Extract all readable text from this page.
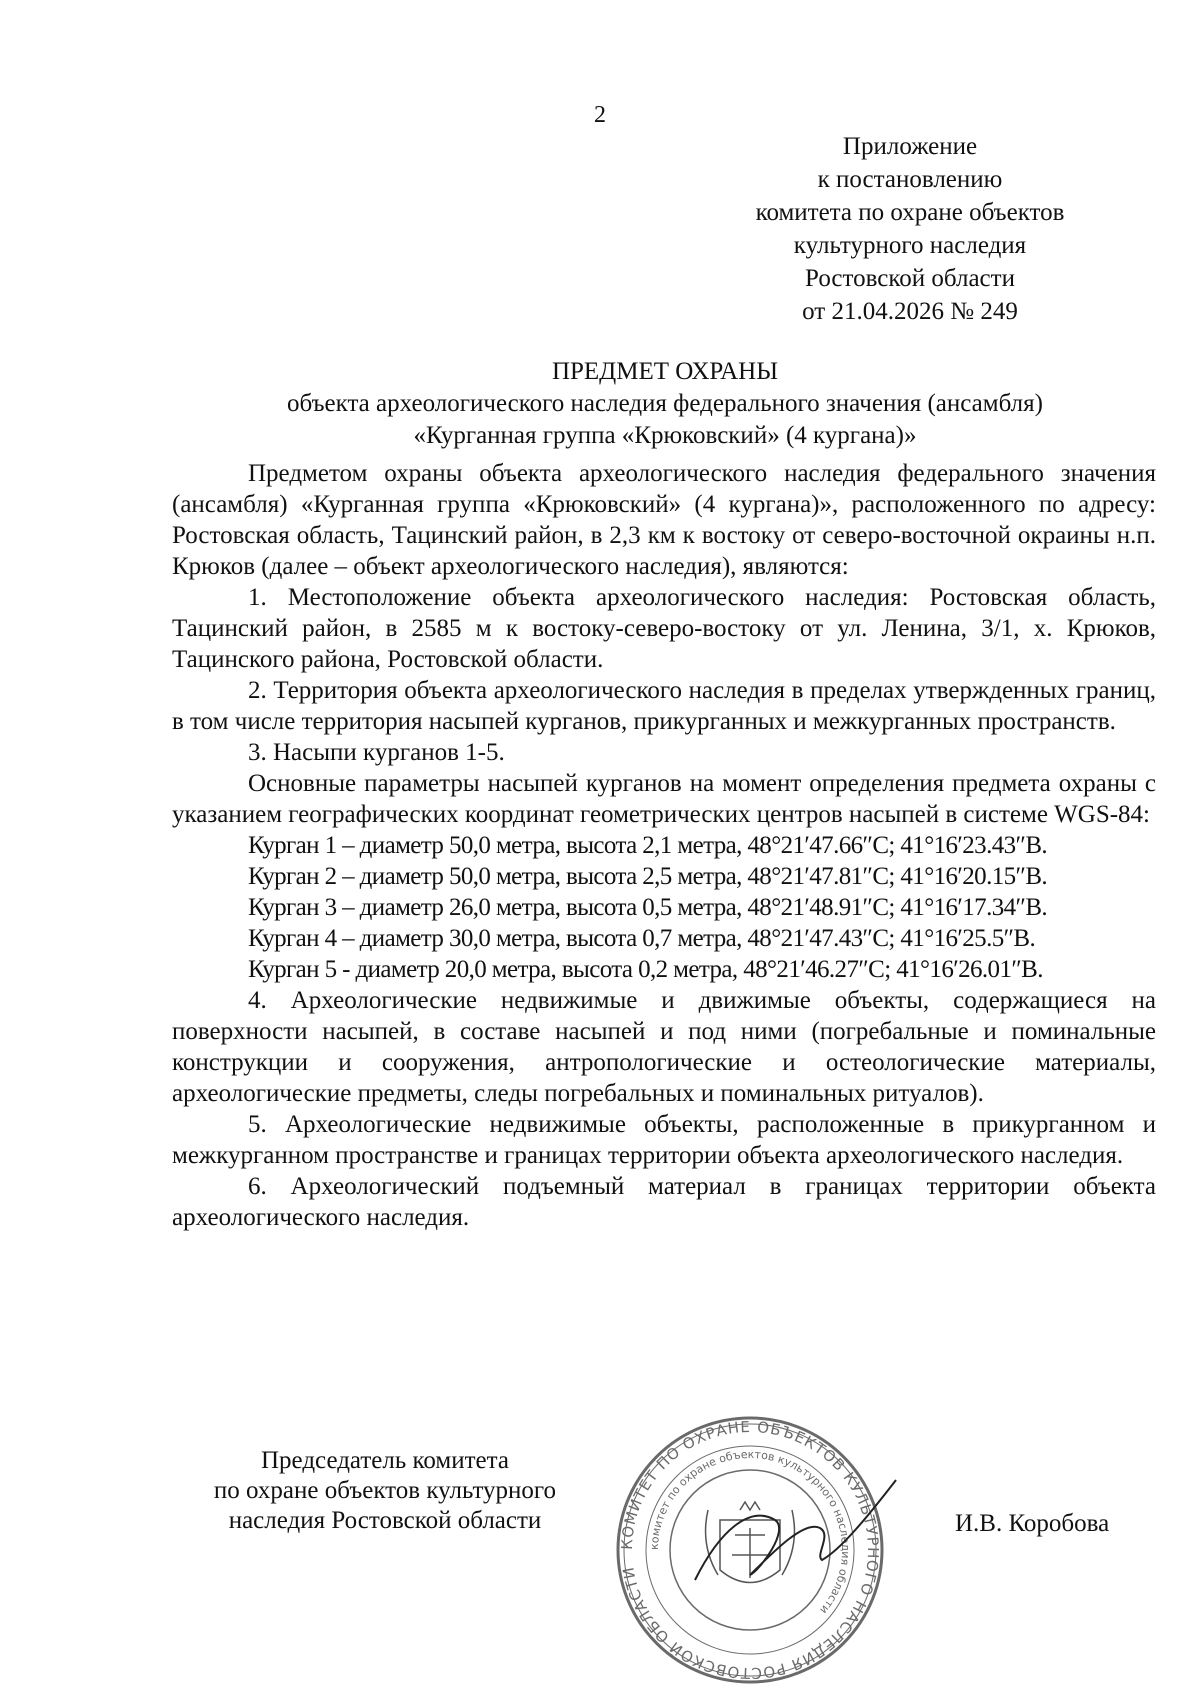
2
Приложение
к постановлению
комитета по охране объектов
культурного наследия
Ростовской области
от 21.04.2026 № 249
ПРЕДМЕТ ОХРАНЫ
объекта археологического наследия федерального значения (ансамбля)
«Курганная группа «Крюковский» (4 кургана)»

Предметом охраны объекта археологического наследия федерального значения (ансамбля) «Курганная группа «Крюковский» (4 кургана)», расположенного по адресу: Ростовская область, Тацинский район, в 2,3 км к востоку от северо-восточной окраины н.п. Крюков (далее – объект археологического наследия), являются:

1. Местоположение объекта археологического наследия: Ростовская область, Тацинский район, в 2585 м к востоку-северо-востоку от ул. Ленина, 3/1, х. Крюков, Тацинского района, Ростовской области.

2. Территория объекта археологического наследия в пределах утвержденных границ, в том числе территория насыпей курганов, прикурганных и межкурганных пространств.

3. Насыпи курганов 1-5.

Основные параметры насыпей курганов на момент определения предмета охраны с указанием географических координат геометрических центров насыпей в системе WGS-84:

Курган 1 – диаметр 50,0 метра, высота 2,1 метра, 48°21′47.66″С; 41°16′23.43″В.

Курган 2 – диаметр 50,0 метра, высота 2,5 метра, 48°21′47.81″С; 41°16′20.15″В.

Курган 3 – диаметр 26,0 метра, высота 0,5 метра, 48°21′48.91″С; 41°16′17.34″В.

Курган 4 – диаметр 30,0 метра, высота 0,7 метра, 48°21′47.43″С; 41°16′25.5″В.

Курган 5 - диаметр 20,0 метра, высота 0,2 метра, 48°21′46.27″С; 41°16′26.01″В.

4. Археологические недвижимые и движимые объекты, содержащиеся на поверхности насыпей, в составе насыпей и под ними (погребальные и поминальные конструкции и сооружения, антропологические и остеологические материалы, археологические предметы, следы погребальных и поминальных ритуалов).

5. Археологические недвижимые объекты, расположенные в прикурганном и межкурганном пространстве и границах территории объекта археологического наследия.

6. Археологический подъемный материал в границах территории объекта археологического наследия.

Председатель комитета
по охране объектов культурного
наследия Ростовской области
КОМИТЕТ ПО ОХРАНЕ ОБЪЕКТОВ КУЛЬТУРНОГО НАСЛЕДИЯ РОСТОВСКОЙ ОБЛАСТИ
комитет по охране объектов культурного наследия области
И.В. Коробова
